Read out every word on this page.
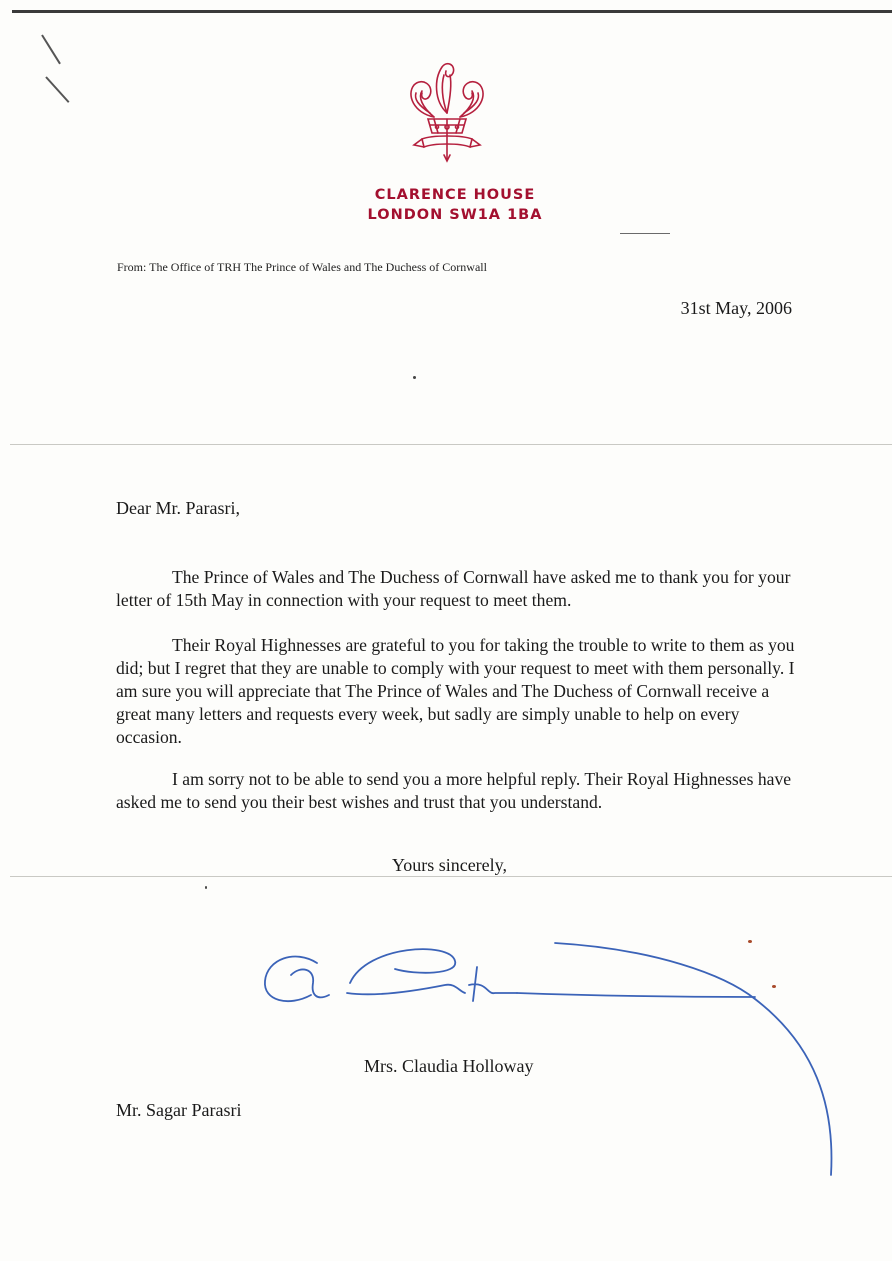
CLARENCE HOUSE
LONDON SW1A 1BA
From: The Office of TRH The Prince of Wales and The Duchess of Cornwall
31st May, 2006
Dear Mr. Parasri,

The Prince of Wales and The Duchess of Cornwall have asked me to thank you for your letter of 15th May in connection with your request to meet them.

Their Royal Highnesses are grateful to you for taking the trouble to write to them as you did; but I regret that they are unable to comply with your request to meet with them personally. I am sure you will appreciate that The Prince of Wales and The Duchess of Cornwall receive a great many letters and requests every week, but sadly are simply unable to help on every occasion.

I am sorry not to be able to send you a more helpful reply. Their Royal Highnesses have asked me to send you their best wishes and trust that you understand.

Yours sincerely,
Mrs. Claudia Holloway
Mr. Sagar Parasri
